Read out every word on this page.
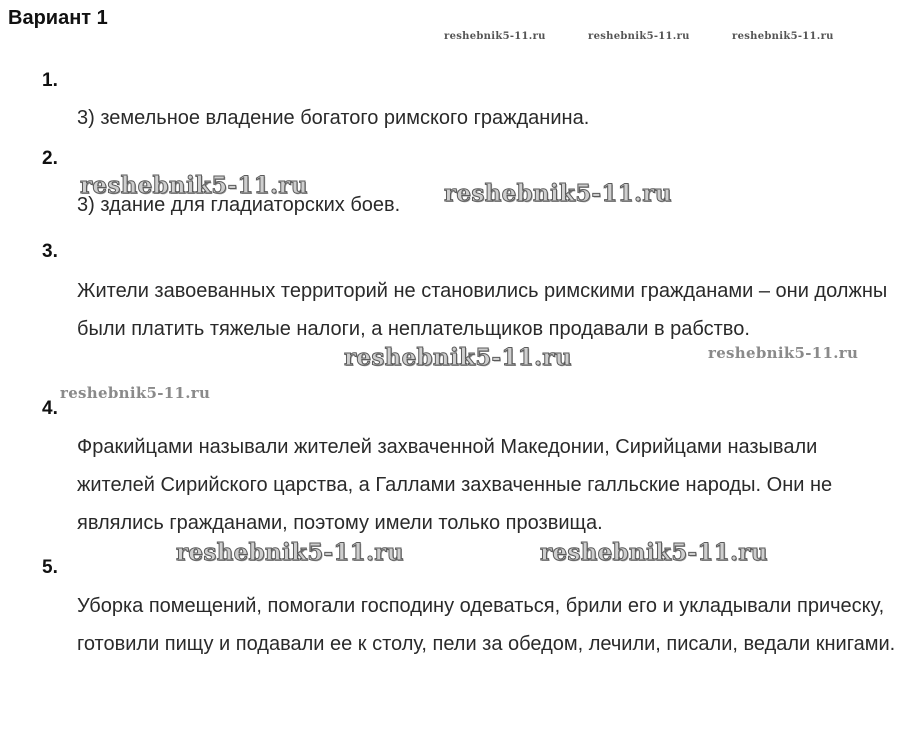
Вариант 1
reshebnik5-11.ru	reshebnik5-11.ru	reshebnik5-11.ru
1.

3) земельное владение богатого римского гражданина.

2.

3) здание для гладиаторских боев.

3.

Жители завоеванных территорий не становились римскими гражданами – они должны были платить тяжелые налоги, а неплательщиков продавали в рабство.

4.

Фракийцами называли жителей захваченной Македонии, Сирийцами называли жителей Сирийского царства, а Галлами захваченные галльские народы. Они не являлись гражданами, поэтому имели только прозвища.

5.

Уборка помещений, помогали господину одеваться, брили его и укладывали прическу, готовили пищу и подавали ее к столу, пели за обедом, лечили, писали, ведали книгами.

reshebnik5-11.ru	reshebnik5-11.ru
reshebnik5-11.ru	reshebnik5-11.ru
reshebnik5-11.ru
reshebnik5-11.ru	reshebnik5-11.ru
